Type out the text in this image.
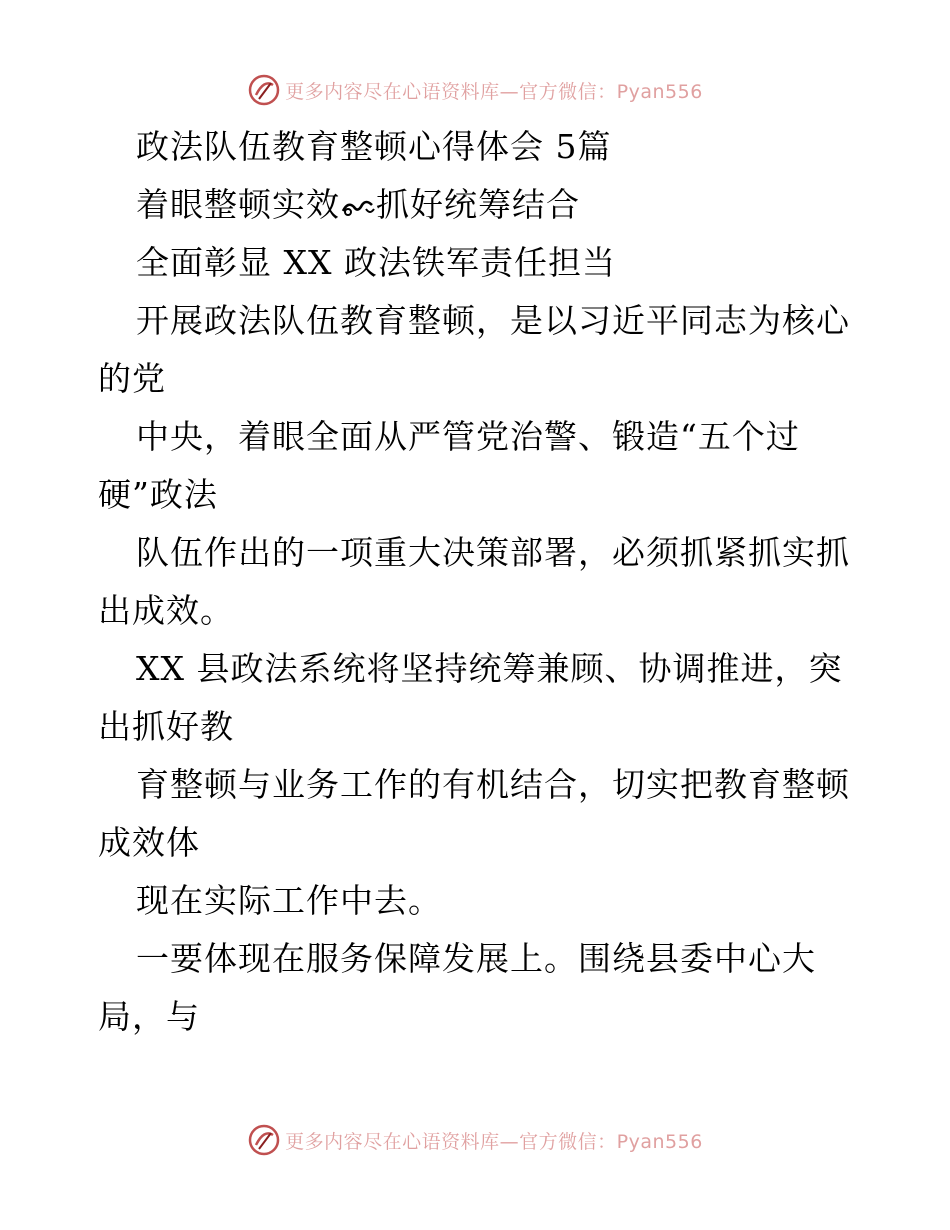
更多内容尽在心语资料库—官方微信：Pyan556
政法队伍教育整顿心得体会 5篇
着眼整顿实效 抓好统筹结合
全面彰显 XX 政法铁军责任担当
开展政法队伍教育整顿，是以习近平同志为核心
的党
中央，着眼全面从严管党治警、锻造“五个过
硬”政法
队伍作出的一项重大决策部署，必须抓紧抓实抓
出成效。
XX 县政法系统将坚持统筹兼顾、协调推进，突
出抓好教
育整顿与业务工作的有机结合，切实把教育整顿
成效体
现在实际工作中去。
一要体现在服务保障发展上。围绕县委中心大
局，与
更多内容尽在心语资料库—官方微信：Pyan556
